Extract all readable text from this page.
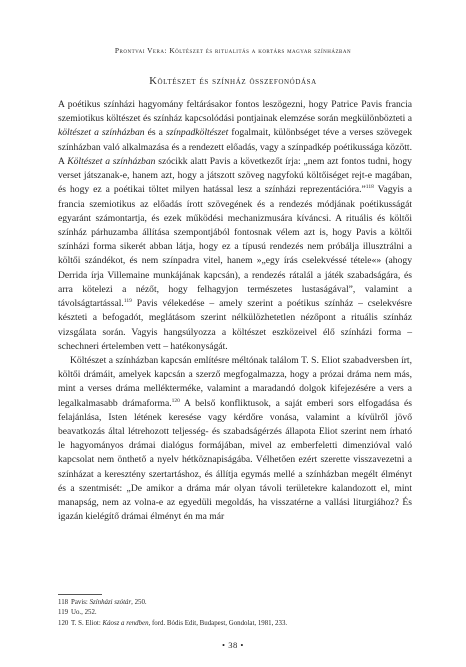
Prontvai Vera: Költészet és ritualitás a kortárs magyar színházban
Költészet és színház összefonódása

A poétikus színházi hagyomány feltárásakor fontos leszögezni, hogy Patrice Pavis francia szemiotikus költészet és színház kapcsolódási pontjainak elemzése során megkülönbözteti a költészet a színházban és a színpadköltészet fogalmait, különbséget téve a verses szövegek színházban való alkalmazása és a rendezett előadás, vagy a színpadkép poétikussága között. A Költészet a színházban szócikk alatt Pavis a következőt írja: „nem azt fontos tudni, hogy verset játszanak-e, hanem azt, hogy a játszott szöveg nagyfokú költőiséget rejt-e magában, és hogy ez a poétikai töltet milyen hatással lesz a színházi reprezentációra.”$^{118}$ Vagyis a francia szemiotikus az előadás írott szövegének és a rendezés módjának poétikusságát egyaránt számontartja, és ezek működési mechanizmusára kíváncsi. A rituális és költői színház párhuzamba állítása szempontjából fontosnak vélem azt is, hogy Pavis a költői színházi forma sikerét abban látja, hogy ez a típusú rendezés nem próbálja illusztrálni a költői szándékot, és nem színpadra vitel, hanem »„egy írás cselekvéssé tétele«» (ahogy Derrida írja Villemaine munkájának kapcsán), a rendezés rátalál a játék szabadságára, és arra kötelezi a nézőt, hogy felhagyjon természetes lustaságával”, valamint a távolságtartással.$^{119}$ Pavis vélekedése – amely szerint a poétikus színház – cselekvésre készteti a befogadót, meglátásom szerint nélkülözhetetlen nézőpont a rituális színház vizsgálata során. Vagyis hangsúlyozza a költészet eszközeivel élő színházi forma – schechneri értelemben vett – hatékonyságát.

Költészet a színházban kapcsán említésre méltónak találom T. S. Eliot szabadversben írt, költői drámáit, amelyek kapcsán a szerző megfogalmazza, hogy a prózai dráma nem más, mint a verses dráma mellékterméke, valamint a maradandó dolgok kifejezésére a vers a legalkalmasabb drámaforma.$^{120}$ A belső konfliktusok, a saját emberi sors elfogadása és felajánlása, Isten létének keresése vagy kérdőre vonása, valamint a kívülről jövő beavatkozás által létrehozott teljesség- és szabadságérzés állapota Eliot szerint nem írható le hagyományos drámai dialógus formájában, mivel az emberfeletti dimenzióval való kapcsolat nem önthető a nyelv hétköznapiságába. Vélhetően ezért szerette visszavezetni a színházat a keresztény szertartáshoz, és állítja egymás mellé a színházban megélt élményt és a szentmisét: „De amikor a dráma már olyan távoli területekre kalandozott el, mint manapság, nem az volna-e az egyedüli megoldás, ha visszatérne a vallási liturgiához? És igazán kielégítő drámai élményt én ma már

118 Pavis: Színházi szótár, 250.
119 Uo., 252.
120 T. S. Eliot: Káosz a rendben, ford. Bódis Edit, Budapest, Gondolat, 1981, 233.
• 38 •
